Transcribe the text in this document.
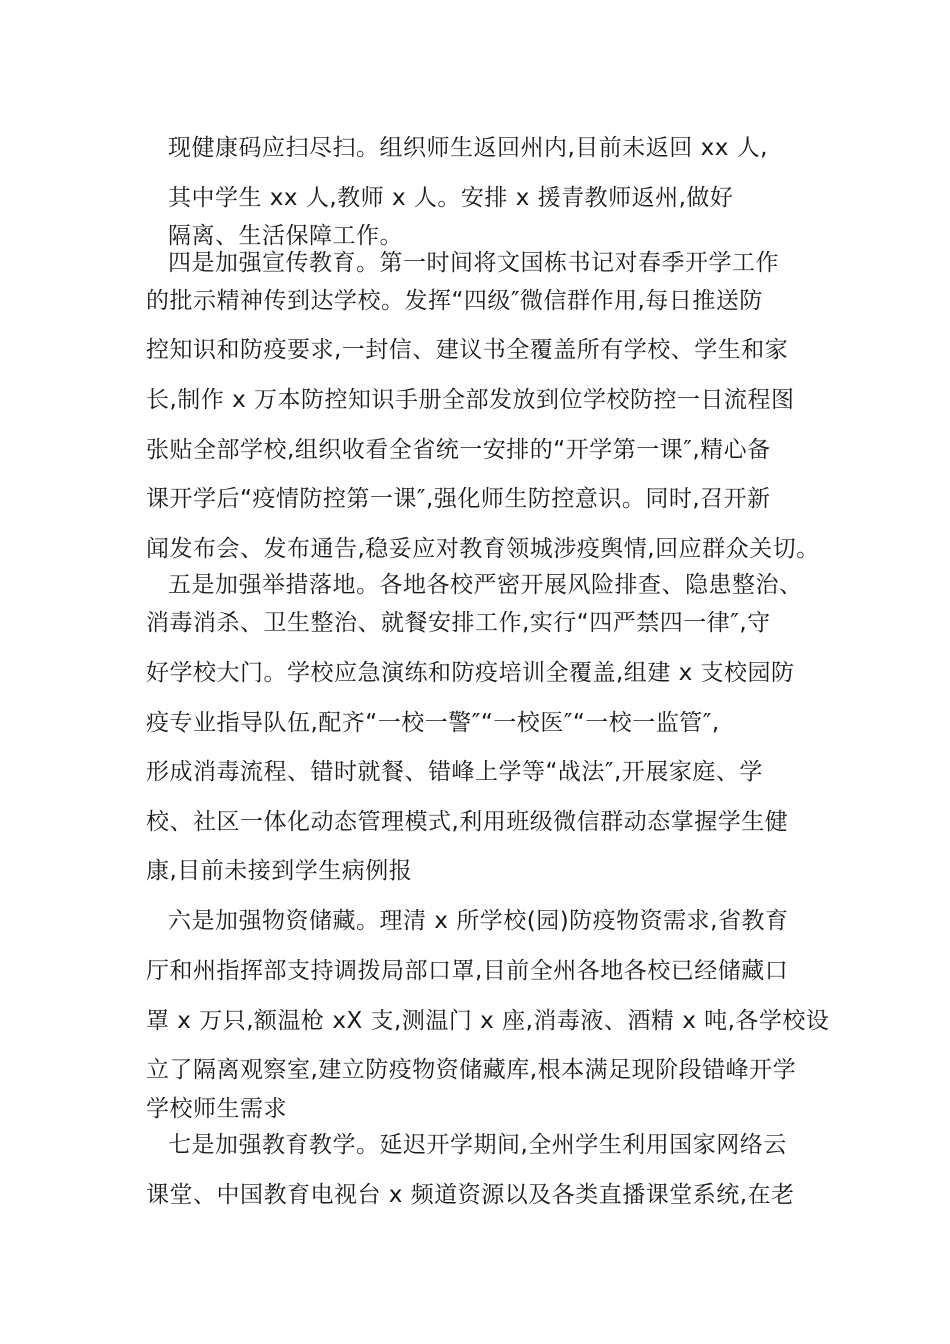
现健康码应扫尽扫。组织师生返回州内,目前未返回 xx 人,
其中学生 xx 人,教师 x 人。安排 x 援青教师返州,做好
隔离、生活保障工作。
四是加强宣传教育。第一时间将文国栋书记对春季开学工作
的批示精神传到达学校。发挥“四级″微信群作用,每日推送防
控知识和防疫要求,一封信、建议书全覆盖所有学校、学生和家
长,制作 x 万本防控知识手册全部发放到位学校防控一日流程图
张贴全部学校,组织收看全省统一安排的“开学第一课″,精心备
课开学后“疫情防控第一课″,强化师生防控意识。同时,召开新
闻发布会、发布通告,稳妥应对教育领城涉疫舆情,回应群众关切。
五是加强举措落地。各地各校严密开展风险排查、隐患整治、
消毒消杀、卫生整治、就餐安排工作,实行“四严禁四一律″,守
好学校大门。学校应急演练和防疫培训全覆盖,组建 x 支校园防
疫专业指导队伍,配齐“一校一警″“一校医″“一校一监管″,
形成消毒流程、错时就餐、错峰上学等“战法″,开展家庭、学
校、社区一体化动态管理模式,利用班级微信群动态掌握学生健
康,目前未接到学生病例报
六是加强物资储藏。理清 x 所学校(园)防疫物资需求,省教育
厅和州指挥部支持调拨局部口罩,目前全州各地各校已经储藏口
罩 x 万只,额温枪 xX 支,测温门 x 座,消毒液、酒精 x 吨,各学校设
立了隔离观察室,建立防疫物资储藏库,根本满足现阶段错峰开学
学校师生需求
七是加强教育教学。延迟开学期间,全州学生利用国家网络云
课堂、中国教育电视台 x 频道资源以及各类直播课堂系统,在老
